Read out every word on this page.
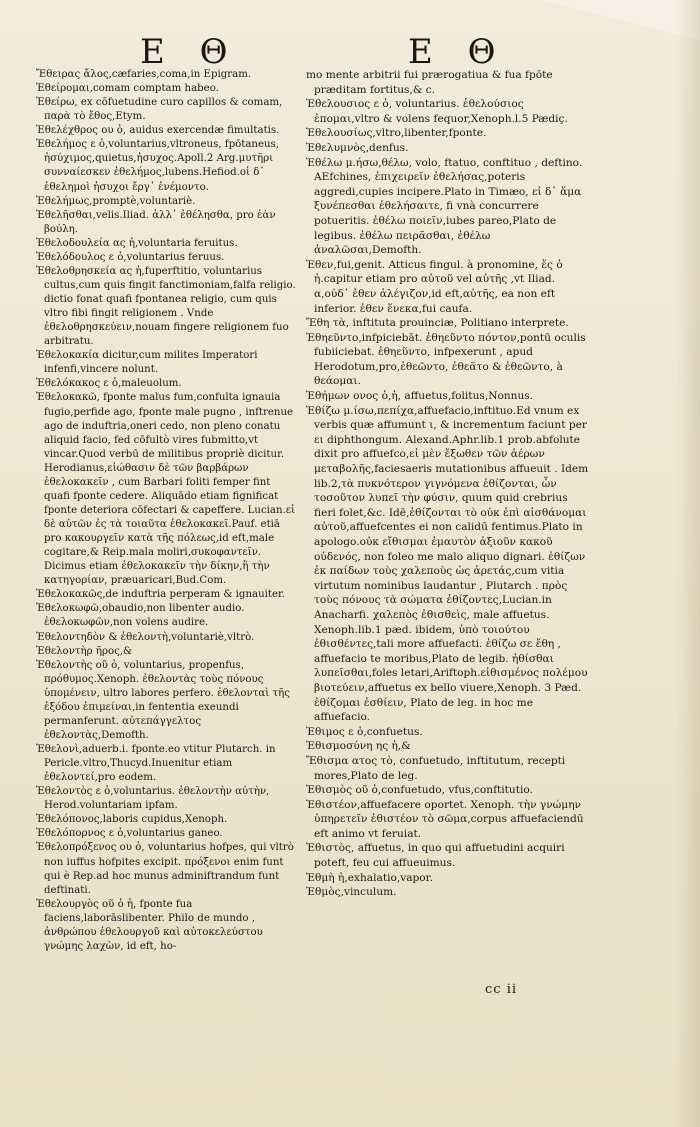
E Θ	E Θ

Ἔθειρας ἄλος,cæfaries,coma,in Epigram.

Ἐθείρομαι,comam comptam habeo.

Ἐθείρω, ex cōfuetudine curo capillos & comam, παρὰ τὸ ἔθος,Etym.

Ἐθελέχθρος ου ὁ, auidus exercendæ fimultatis.

Ἐθελήμος ε ὁ,voluntarius,vltroneus, fpōtaneus, ἡσύχιμος,quietus,ἡσυχος.Apoll.2 Arg.μυτῆρι συνναίεσκεν ἐθελήμος,lubens.Hefiod.οἱ δ᾽ ἐθελημοὶ ἡσυχοι ἔργ᾽ ἐνέμοντο.

Ἐθελήμως,promptè,voluntariè.

Ἐθελῆσθαι,velis.Iliad. ἀλλ᾽ ἐθέλησθα, pro ἐὰν βούλη.

Ἐθελοδουλεία ας ἡ,voluntaria feruitus.

Ἐθελόδουλος ε ὁ,voluntarius feruus.

Ἐθελοθρησκεία ας ἡ,fuperftitio, voluntarius cultus,cum quis fingit fanctimoniam,falfa religio. dictio fonat quafi fpontanea religio, cum quis vltro fibi fingit religionem . Vnde ἐθελοθρησκεύειν,nouam fingere religionem fuo arbitratu.

Ἐθελοκακία dicitur,cum milites Imperatori infenfi,vincere nolunt.

Ἐθελόκακος ε ὁ,maleuolum.

Ἐθελοκακῶ, fponte malus fum,confulta ignauia fugio,perfide ago, fponte male pugno , inftrenue ago de induftria,oneri cedo, non pleno conatu aliquid facio, fed cōfultò vires fubmitto,vt vincar.Quod verbū de militibus propriè dicitur. Herodianus,εἰώθασιν δὲ τῶν βαρβάρων ἐθελοκακεῖν , cum Barbari foliti femper fint quafi fponte cedere. Aliquādo etiam fignificat fponte deteriora cōfectari & capeffere. Lucian.εἰ δὲ αὐτῶν ἐς τὰ τοιαῦτα ἐθελοκακεῖ.Pauf. etiā pro κακουργεῖν κατὰ τῆς πόλεως,id eft,male cogitare,& Reip.mala moliri,συκοφαντεῖν. Dicimus etiam ἐθελοκακεῖν τὴν δίκην,ἢ τὴν κατηγορίαν, præuaricari,Bud.Com.

Ἐθελοκακῶς,de induftria perperam & ignauiter.

Ἐθελοκωφῶ,obaudio,non libenter audio. ἐθελοκωφῶν,non volens audire.

Ἐθελοντηδὸν & ἐθελοντὴ,voluntariè,vltrò.

Ἐθελοντὴρ ῆρος,&

Ἐθελοντὴς οῦ ὁ, voluntarius, propenfus, πρόθυμος.Xenoph. ἐθελοντὰς τοὺς πόνους ὑπομένειν, ultro labores perfero. ἐθελονταὶ τῆς ἐξόδου ἐπιμείναι,in fententia exeundi permanferunt. αὐτεπάγγελτος ἐθελοντὰς,Demofth.

Ἐθελονὶ,aduerb.i. fponte.eo vtitur Plutarch. in Pericle.vltro,Thucyd.Inuenitur etiam ἐθελοντεί,pro eodem.

Ἐθελοντὸς ε ὁ,voluntarius. ἐθελοντὴν αὐτὴν, Herod.voluntariam ipfam.

Ἐθελόπονος,laboris cupidus,Xenoph.

Ἐθελόπορνος ε ὁ,voluntarius ganeo.

Ἐθελοπρόξενος ου ὁ, voluntarius hofpes, qui vltrò non iuffus hofpites excipit. πρόξενοι enim funt qui è Rep.ad hoc munus adminiftrandum funt deftinati.

Ἐθελουργὸς οῦ ὁ ἡ, fponte fua faciens,laborāslibenter. Philo de mundo , ἀνθρώπου ἐθελουργοῦ καὶ αὐτοκελεύστου γνώμης λαχὼν, id eft, ho-

mo mente arbitrii fui prærogatiua & fua fpōte præditam fortitus,& c.

Ἐθελουσιος ε ὁ, voluntarius. ἐθελούσιος ἐπομαι,vltro & volens fequor,Xenoph.l.5 Pædiç.

Ἐθελουσίως,vltro,libenter,fponte.

Ἐθελυμνὸς,denfus.

Ἐθέλω μ.ήσω,θέλω, volo, ftatuo, conftituo , deftino. AEfchines, ἐπιχειρεῖν ἐθελήσας,poteris aggredi,cupies incipere.Plato in Timæo, εἰ δ᾽ ἅμα ξυνέπεσθαι ἐθελήσαιτε, fi vnà concurrere potueritis. ἐθέλω ποιεῖν,iubes pareo,Plato de legibus. ἐθέλω πειρᾶσθαι, ἐθέλω ἀναλῶσαι,Demofth.

Ἐθεν,fui,genit. Atticus fingul. à pronomine, ἕς ὁ ἡ.capitur etiam pro αὐτοῦ vel αὐτῆς ,vt Iliad. α,οὐδ᾽ ἐθεν ἀλέγιζον,id eft,αὐτῆς, ea non eft inferior. ἐθεν ἕνεκα,fui caufa.

Ἔθη τὰ, inftituta prouinciæ, Politiano interprete.

Ἐθηεῦντο,infpiciebāt. ἐθηεῦντο πόντον,pontū oculis fubiiciebat. ἐθηεῦντο, infpexerunt , apud Herodotum,pro,ἐθεῶντο, ἐθεᾶτο & ἐθεῶντο, à θεάομαι.

Ἐθήμων ονος ὁ,ἡ, affuetus,folitus,Nonnus.

Ἐθίζω μ.ίσω,πεπίχα,affuefacio,inftituo.Ed vnum ex verbis quæ affumunt ι, & incrementum faciunt per ει diphthongum. Alexand.Aphr.lib.1 prob.abfolute dixit pro affuefco,εἰ μὲν ἔξωθεν τῶν ἀέρων μεταβολῆς,faciesaeris mutationibus affueuit . Idem lib.2,τὰ πυκνότερον γιγνόμενα ἐθίζονται, ὧν τοσοῦτον λυπεῖ τὴν φύσιν, quum quid crebrius fieri folet,&c. Idē,ἐθίζονται τὸ οὐκ ἐπὶ αἰσθάνομαι αὐτοῦ,affuefcentes ei non calidū fentimus.Plato in apologo.οὐκ εἴθισμαι ἐμαυτὸν ἀξιοῦν κακοῦ οὐδενός, non foleo me malo aliquo dignari. ἐθίζων ἐκ παίδων τοὺς χαλεποὺς ὡς ἀρετάς,cum vitia virtutum nominibus laudantur , Plutarch . πρὸς τοὺς πόνους τὰ σώματα ἐθίζοντες,Lucian.in Anacharfi. χαλεπὸς ἐθισθεὶς, male affuetus. Xenoph.lib.1 pæd. ibidem, ὑπὸ τοιούτου ἐθισθέντες,tali more affuefacti. ἐθίζω σε ἔθη , affuefacio te moribus,Plato de legib. ἠθίσθαι λυπεῖσθαι,foles letari,Ariftoph.εἰθισμένος πολέμου βιοτεύειν,affuetus ex bello viuere,Xenoph. 3 Pæd. ἐθίζομαι ἐσθίειν, Plato de leg. in hoc me affuefacio.

Ἐθιμος ε ὁ,confuetus.

Ἐθισμοσύνη ης ἡ,&

Ἔθισμα ατος τὸ, confuetudo, inftitutum, recepti mores,Plato de leg.

Ἐθισμὸς οῦ ὁ,confuetudo, vfus,conftitutio.

Ἐθιστέον,affuefacere oportet. Xenoph. τὴν γνώμην ὑπηρετεῖν ἐθιστέον τὸ σῶμα,corpus affuefaciendū eft animo vt feruiat.

Ἐθιστὸς, affuetus, in quo qui affuetudini acquiri poteft, feu cui affueuimus.

Ἐθμὴ ἡ,exhalatio,vapor.

Ἐθμὸς,vinculum.

cc ii
